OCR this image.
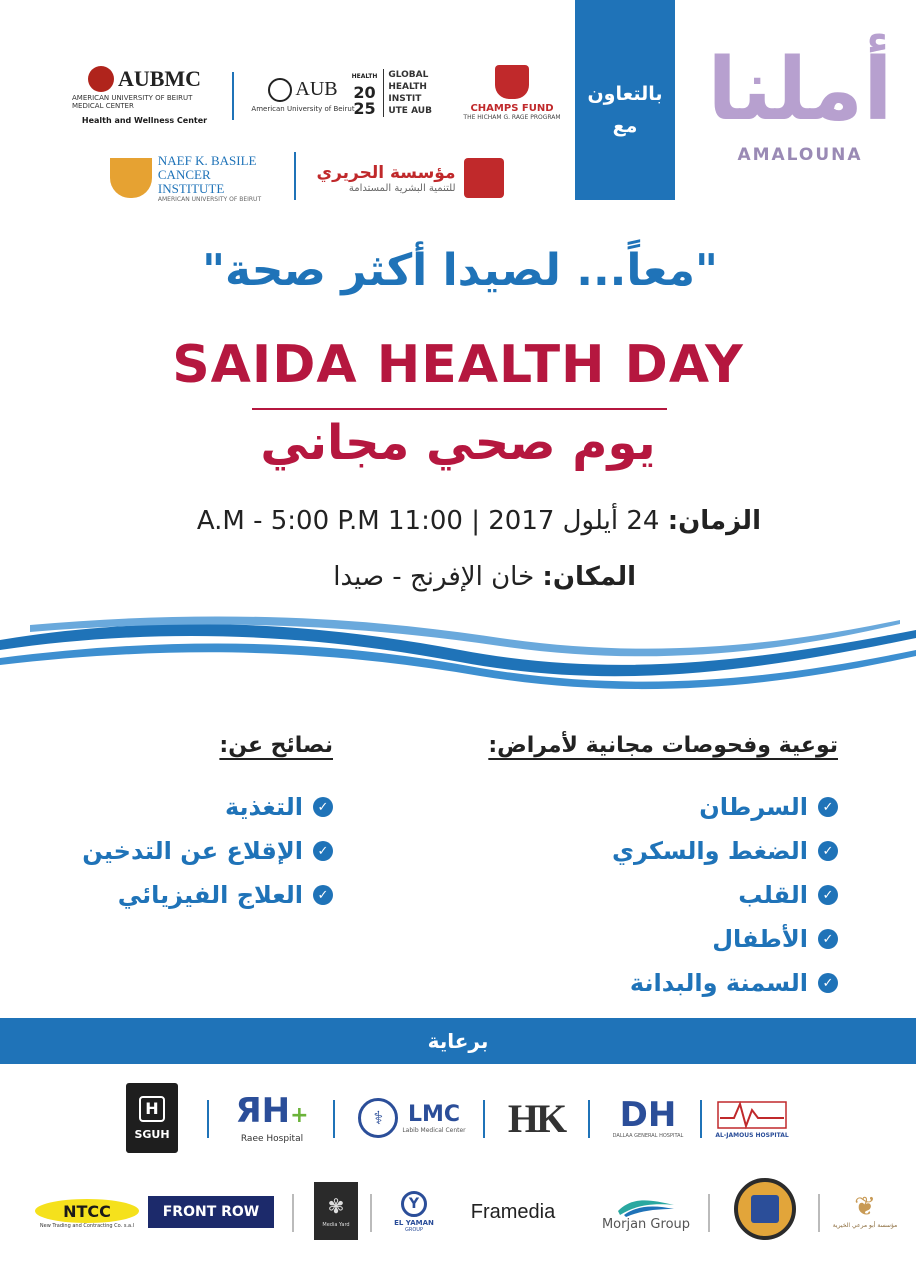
بالتعاون
مع أملنا
AMALOUNA
AUBMC
AMERICAN UNIVERSITY OF BEIRUT MEDICAL CENTER
Health and Wellness Center
AUB
American University of Beirut
HEALTH
20
25
GLOBAL HEALTH INSTIT UTE AUB	CHAMPS FUND
THE HICHAM G. RAGE PROGRAM
NAEF K. BASILE
CANCER INSTITUTE
AMERICAN UNIVERSITY OF BEIRUT
مؤسسة الحريري
للتنمية البشرية المستدامة
"معاً... لصيدا أكثر صحة"
SAIDA HEALTH DAY
يوم صحي مجاني
الزمان: 24 أيلول 2017 | 11:00 A.M - 5:00 P.M
المكان: خان الإفرنج - صيدا
توعية وفحوصات مجانية لأمراض:
✓
السرطان
✓
الضغط والسكري
✓
القلب
✓
الأطفال
✓
السمنة والبدانة
نصائح عن:
✓
التغذية
✓
الإقلاع عن التدخين
✓
العلاج الفيزيائي
برعاية
H
SGUH
ЯH+
Raee Hospital
⚕	LMC
Labib Medical Center HK DH
DALLAA GENERAL HOSPITAL	AL-JAMOUS HOSPITAL
NTCC
New Trading and Contracting Co. s.a.l
FRONT ROW	✾
Media Yard
Y
EL YAMAN
GROUP
Framedia
Morjan Group
❦
مؤسسة أبو مرعي الخيرية
